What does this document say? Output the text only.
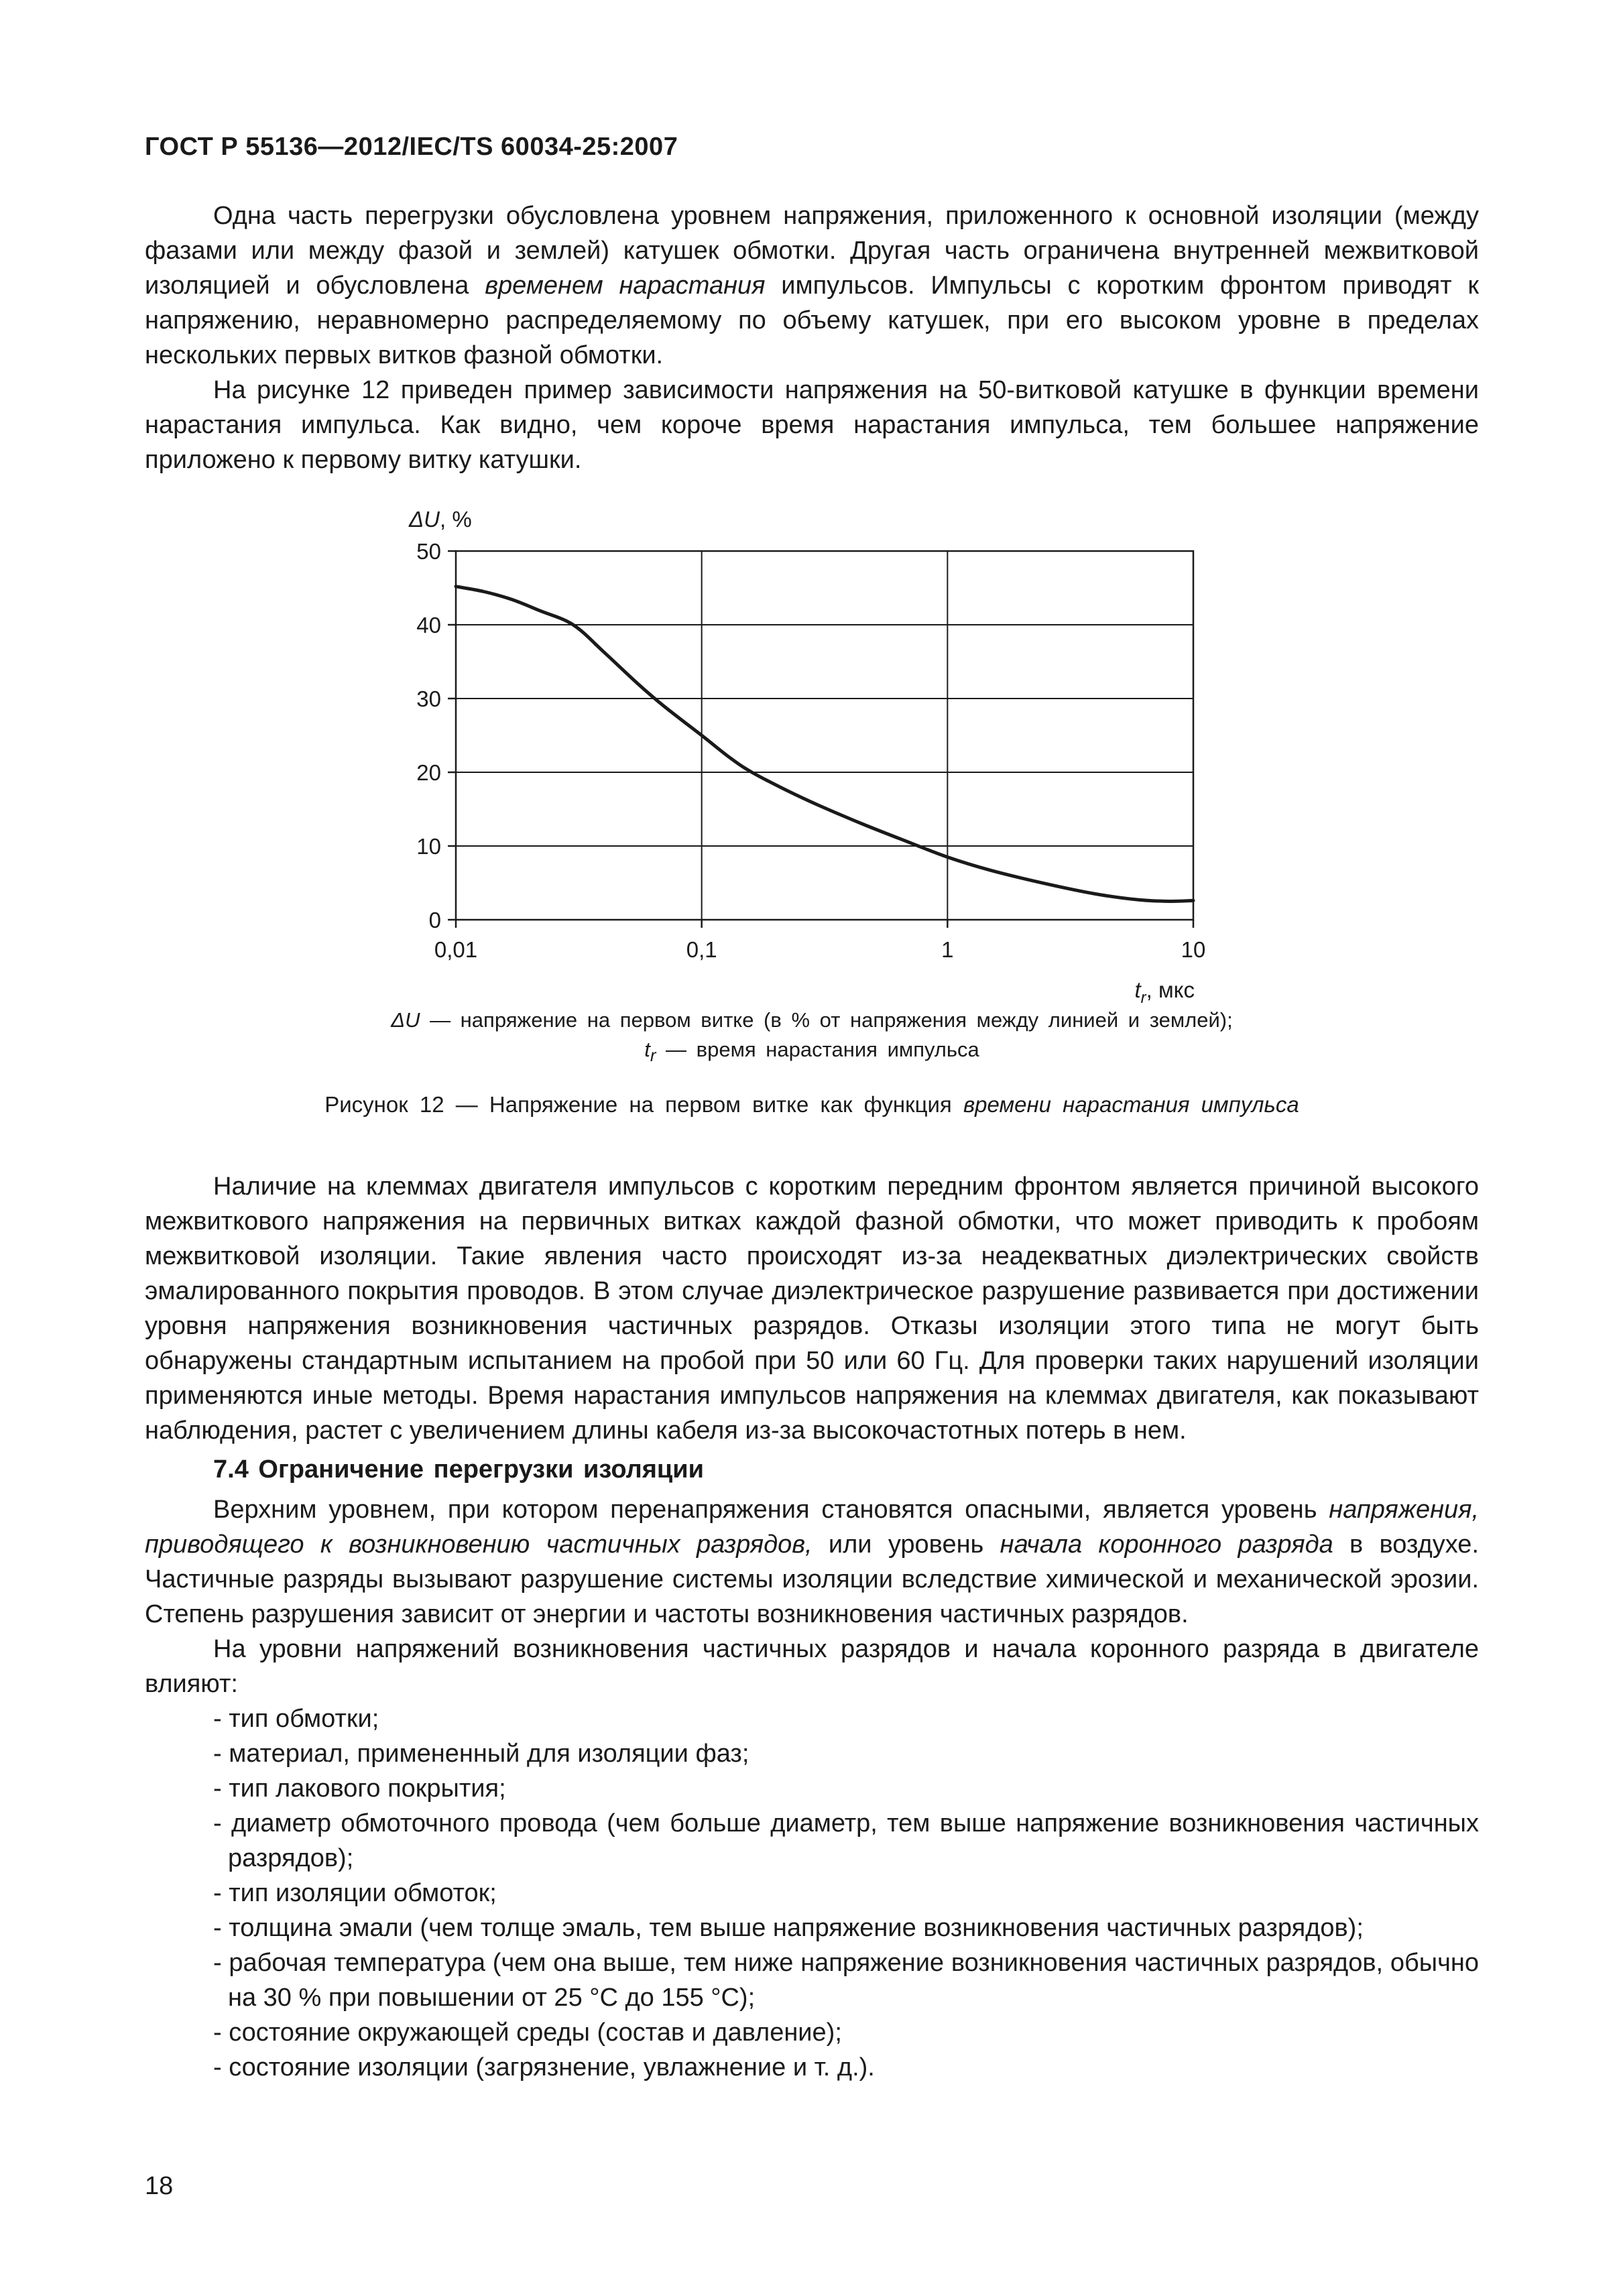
ГОСТ Р 55136—2012/IEC/TS 60034-25:2007

Одна часть перегрузки обусловлена уровнем напряжения, приложенного к основной изоляции (между фазами или между фазой и землей) катушек обмотки. Другая часть ограничена внутренней межвитковой изоляцией и обусловлена временем нарастания импульсов. Импульсы с коротким фронтом приводят к напряжению, неравномерно распределяемому по объему катушек, при его высоком уровне в пределах нескольких первых витков фазной обмотки.

На рисунке 12 приведен пример зависимости напряжения на 50-витковой катушке в функции времени нарастания импульса. Как видно, чем короче время нарастания импульса, тем большее напряжение приложено к первому витку катушки.

0
10
20
30
40
50
0,01	0,1	1	10
ΔU, %
$t_r$, мкс
ΔU — напряжение на первом витке (в % от напряжения между линией и землей);
$t_r$ — время нарастания импульса
Рисунок 12 — Напряжение на первом витке как функция времени нарастания импульса

Наличие на клеммах двигателя импульсов с коротким передним фронтом является причиной высокого межвиткового напряжения на первичных витках каждой фазной обмотки, что может приводить к пробоям межвитковой изоляции. Такие явления часто происходят из-за неадекватных диэлектрических свойств эмалированного покрытия проводов. В этом случае диэлектрическое разрушение развивается при достижении уровня напряжения возникновения частичных разрядов. Отказы изоляции этого типа не могут быть обнаружены стандартным испытанием на пробой при 50 или 60 Гц. Для проверки таких нарушений изоляции применяются иные методы. Время нарастания импульсов напряжения на клеммах двигателя, как показывают наблюдения, растет с увеличением длины кабеля из-за высокочастотных потерь в нем.

7.4 Ограничение перегрузки изоляции

Верхним уровнем, при котором перенапряжения становятся опасными, является уровень напряжения, приводящего к возникновению частичных разрядов, или уровень начала коронного разряда в воздухе. Частичные разряды вызывают разрушение системы изоляции вследствие химической и механической эрозии. Степень разрушения зависит от энергии и частоты возникновения частичных разрядов.

На уровни напряжений возникновения частичных разрядов и начала коронного разряда в двигателе влияют:

- тип обмотки;
- материал, примененный для изоляции фаз;
- тип лакового покрытия;
- диаметр обмоточного провода (чем больше диаметр, тем выше напряжение возникновения частичных разрядов);
- тип изоляции обмоток;
- толщина эмали (чем толще эмаль, тем выше напряжение возникновения частичных разрядов);
- рабочая температура (чем она выше, тем ниже напряжение возникновения частичных разрядов, обычно на 30 % при повышении от 25 °С до 155 °С);
- состояние окружающей среды (состав и давление);
- состояние изоляции (загрязнение, увлажнение и т. д.).
18
